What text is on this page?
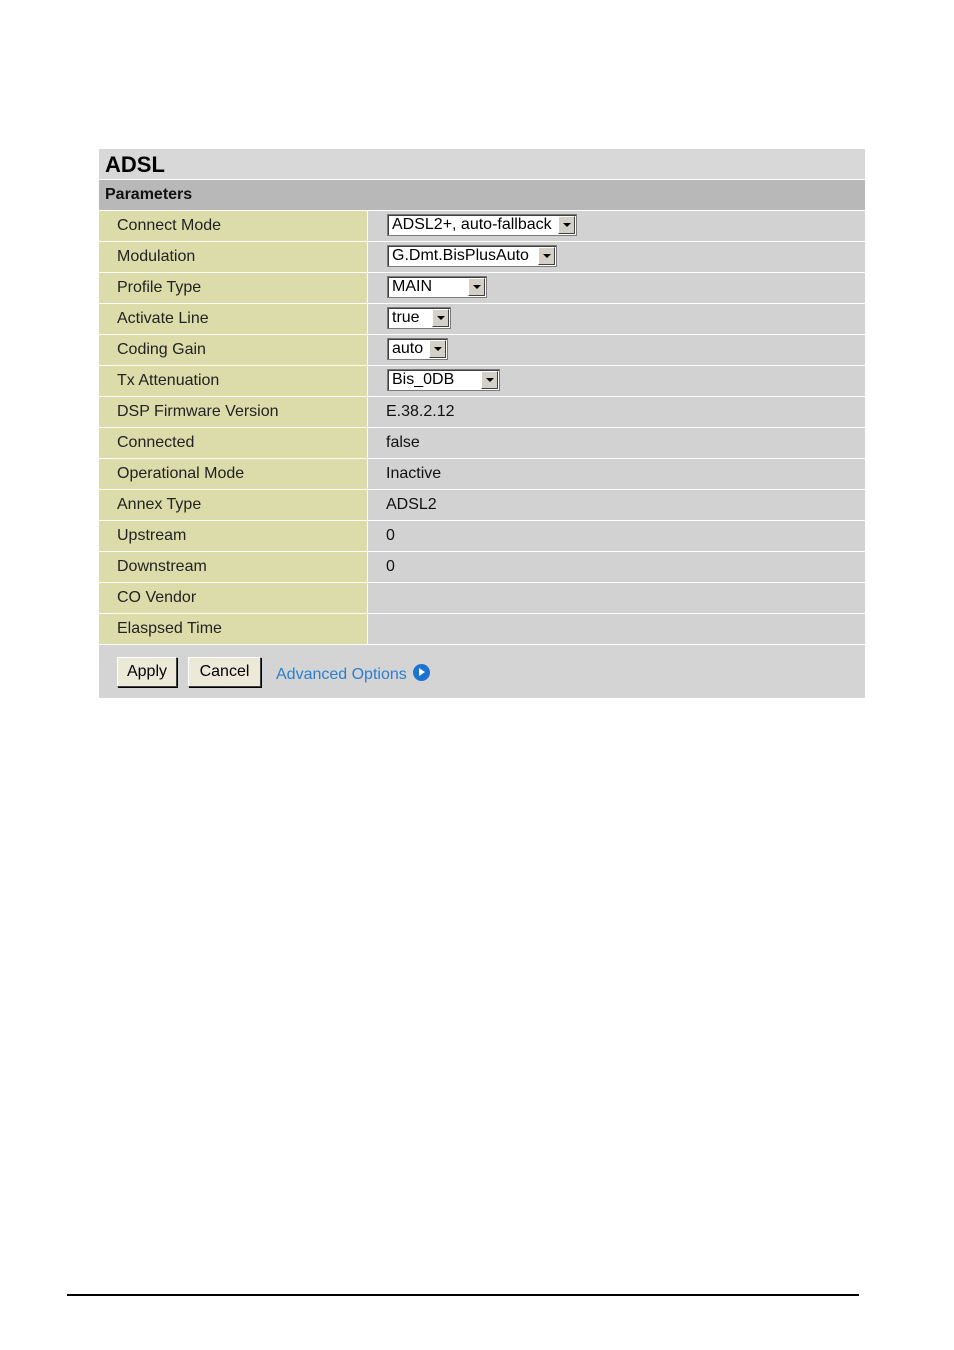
ADSL
Parameters
Connect Mode	ADSL2+, auto-fallback
Modulation	G.Dmt.BisPlusAuto
Profile Type	MAIN
Activate Line	true
Coding Gain	auto
Tx Attenuation	Bis_0DB
DSP Firmware Version	E.38.2.12
Connected	false
Operational Mode	Inactive
Annex Type	ADSL2
Upstream	0
Downstream	0
CO Vendor
Elaspsed Time
Apply	Cancel	Advanced Options
